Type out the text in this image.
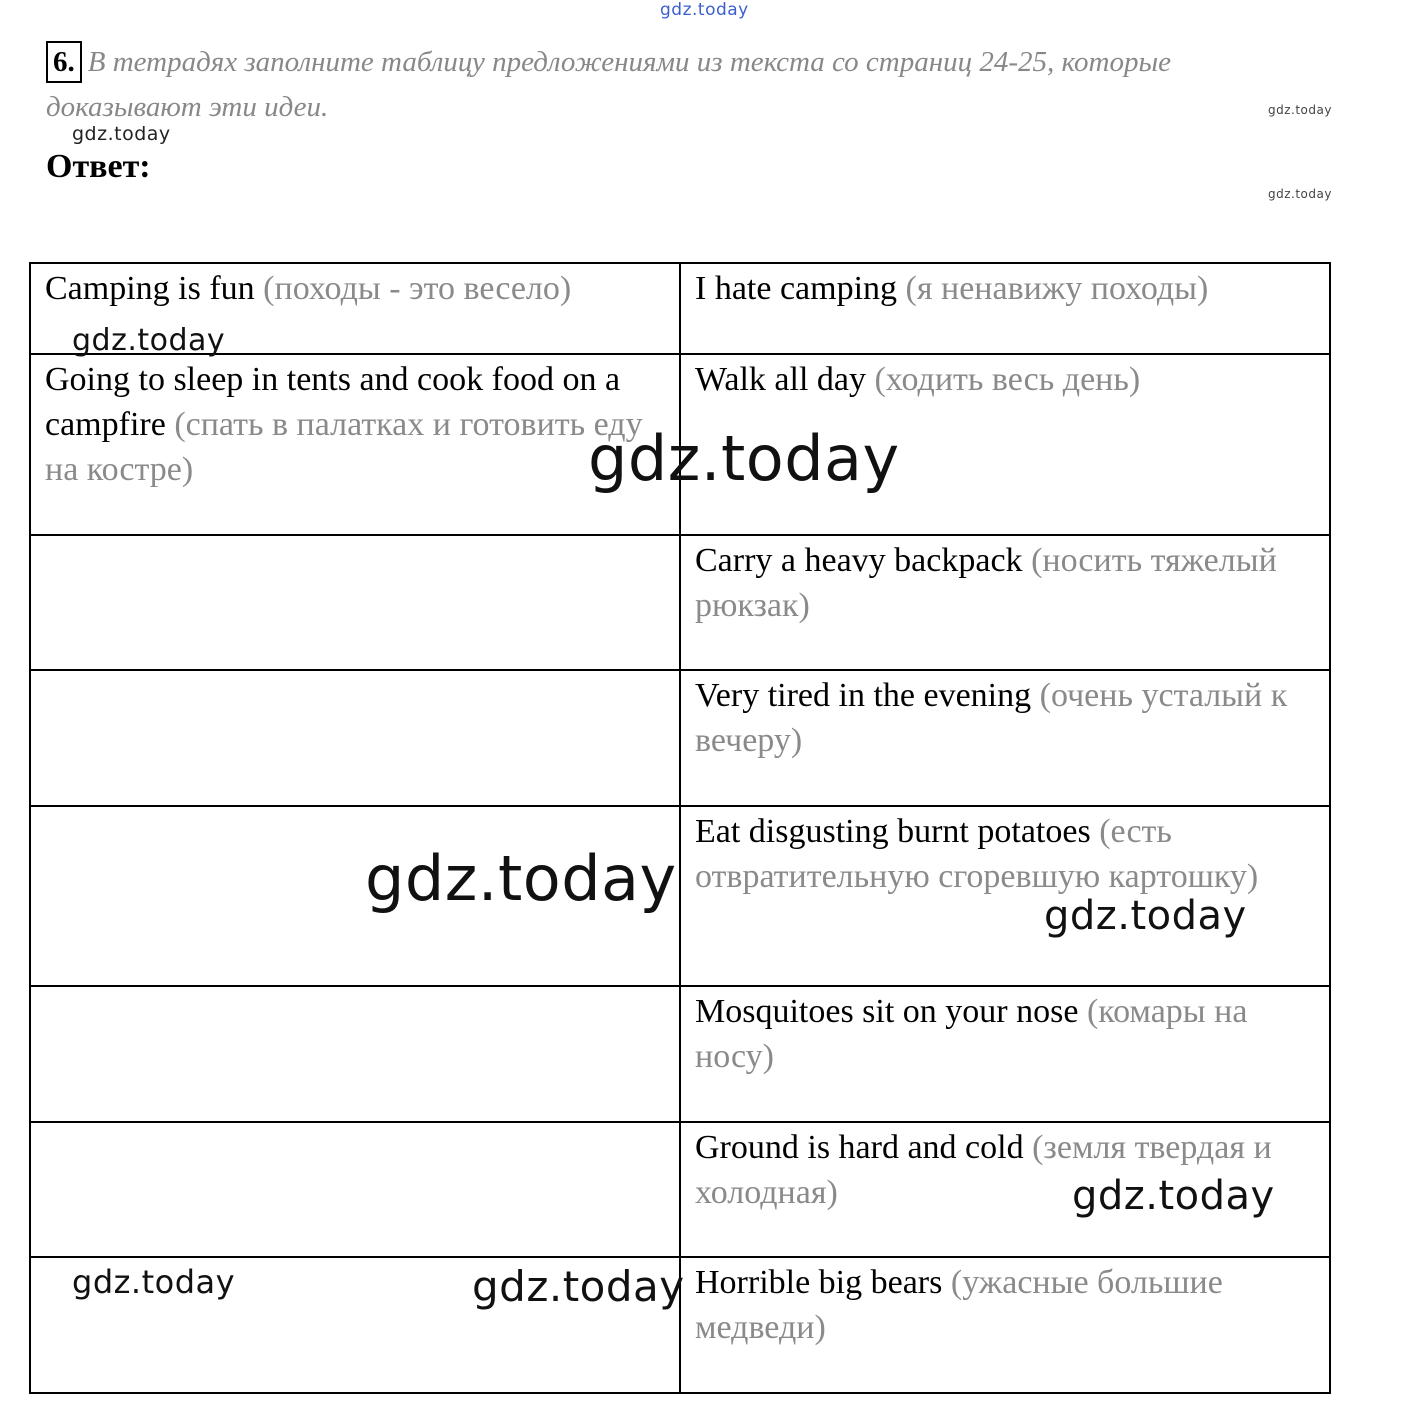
6. В тетрадях заполните таблицу предложениями из текста со страниц 24-25, которые доказывают эти идеи.
Ответ:
Camping is fun (походы - это весело)	I hate camping (я ненавижу походы)
Going to sleep in tents and cook food on a campfire (спать в палатках и готовить еду на костре)	Walk all day (ходить весь день)
	Carry a heavy backpack (носить тяжелый рюкзак)
	Very tired in the evening (очень усталый к вечеру)
	Eat disgusting burnt potatoes (есть отвратительную сгоревшую картошку)
	Mosquitoes sit on your nose (комары на носу)
	Ground is hard and cold (земля твердая и холодная)
	Horrible big bears (ужасные большие медведи)
gdz.today
gdz.today
gdz.today
gdz.today
gdz.today
gdz.today
gdz.today
gdz.today
gdz.today
gdz.today	gdz.today
